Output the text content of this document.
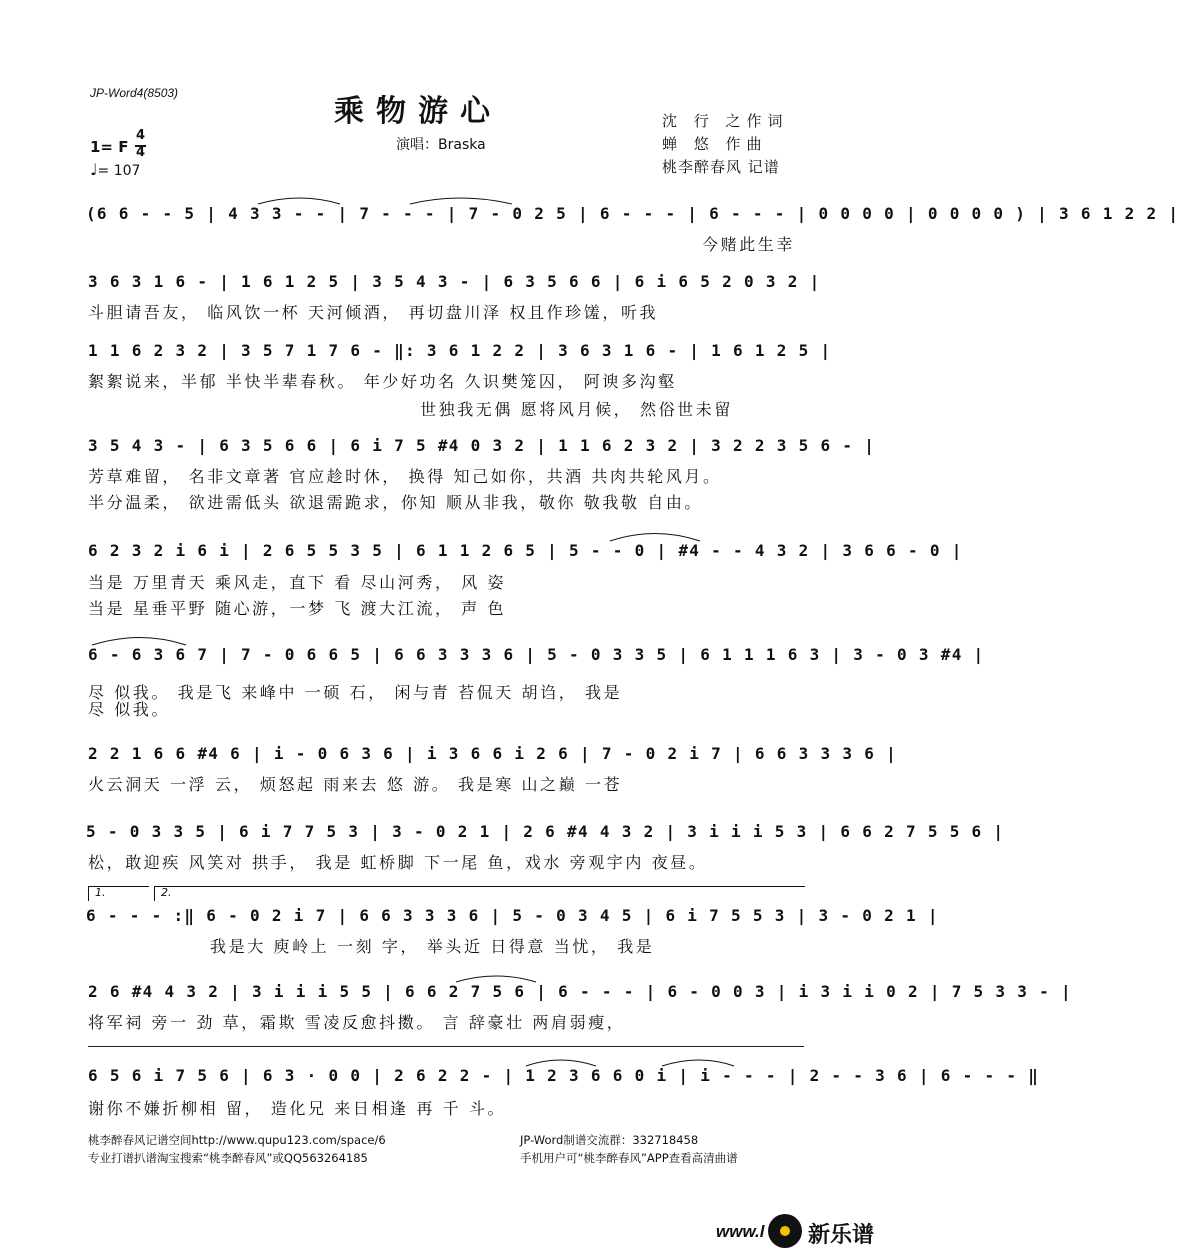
JP-Word4(8503)
乘物游心
演唱：Braska
沈 行 之作词
蝉 悠 作曲
桃李醉春风 记谱
1= F
4
4
♩= 107
(6 6 - - 5 | 4 3 3 - - | 7 - - - | 7 - 0 2 5 | 6 - - - | 6 - - - | 0 0 0 0 | 0 0 0 0 ) | 3 6 1 2 2 |
今赌此生幸
3 6 3 1 6 - | 1 6 1 2 5 | 3 5 4 3 - | 6 3 5 6 6 | 6 i 6 5 2 0 3 2 |
斗胆请吾友， 临风饮一杯 天河倾酒， 再切盘川泽 权且作珍馐，听我
1 1 6 2 3 2 | 3 5 7 1 7 6 - ‖: 3 6 1 2 2 | 3 6 3 1 6 - | 1 6 1 2 5 |
絮絮说来，半郁 半快半辈春秋。 年少好功名 久识樊笼囚， 阿谀多沟壑
世独我无偶 愿将风月候， 然俗世未留
3 5 4 3 - | 6 3 5 6 6 | 6 i 7 5 #4 0 3 2 | 1 1 6 2 3 2 | 3 2 2 3 5 6 - |
芳草难留， 名非文章著 官应趁时休， 换得 知己如你，共酒 共肉共轮风月。
半分温柔， 欲进需低头 欲退需跪求，你知 顺从非我，敬你 敬我敬 自由。
6 2 3 2 i 6 i | 2 6 5 5 3 5 | 6 1 1 2 6 5 | 5 - - 0 | #4 - - 4 3 2 | 3 6 6 - 0 |
当是 万里青天 乘风走，直下 看 尽山河秀， 风 姿
当是 星垂平野 随心游，一梦 飞 渡大江流， 声 色
6 - 6 3 6 7 | 7 - 0 6 6 5 | 6 6 3 3 3 6 | 5 - 0 3 3 5 | 6 1 1 1 6 3 | 3 - 0 3 #4 |
尽 似我。 我是飞 来峰中 一硕 石， 闲与青 苔侃天 胡诌， 我是
尽 似我。
2 2 1 6 6 #4 6 | i - 0 6 3 6 | i 3 6 6 i 2 6 | 7 - 0 2 i 7 | 6 6 3 3 3 6 |
火云洞天 一浮 云， 烦怒起 雨来去 悠 游。 我是寒 山之巅 一苍
5 - 0 3 3 5 | 6 i 7 7 5 3 | 3 - 0 2 1 | 2 6 #4 4 3 2 | 3 i i i 5 3 | 6 6 2 7 5 5 6 |
松，敢迎疾 风笑对 拱手， 我是 虹桥脚 下一尾 鱼，戏水 旁观宇内 夜昼。
1.	2.
6 - - - :‖ 6 - 0 2 i 7 | 6 6 3 3 3 6 | 5 - 0 3 4 5 | 6 i 7 5 5 3 | 3 - 0 2 1 |
我是大 庾岭上 一刻 字， 举头近 日得意 当忧， 我是
2 6 #4 4 3 2 | 3 i i i 5 5 | 6 6 2 7 5 6 | 6 - - - | 6 - 0 0 3 | i 3 i i 0 2 | 7 5 3 3 - |
将军祠 旁一 劲 草，霜欺 雪凌反愈抖擞。 言 辞豪壮 两肩弱瘦，
6 5 6 i 7 5 6 | 6 3 · 0 0 | 2 6 2 2 - | 1 2 3 6 6 0 i | i - - - | 2 - - 3 6 | 6 - - - ‖
谢你不嫌折柳相 留， 造化兄 来日相逢 再 千 斗。
桃李醉春风记谱空间http://www.qupu123.com/space/6
专业打谱扒谱淘宝搜索“桃李醉春风”或QQ563264185
JP-Word制谱交流群：332718458
手机用户可“桃李醉春风”APP查看高清曲谱
www.l 新乐谱
